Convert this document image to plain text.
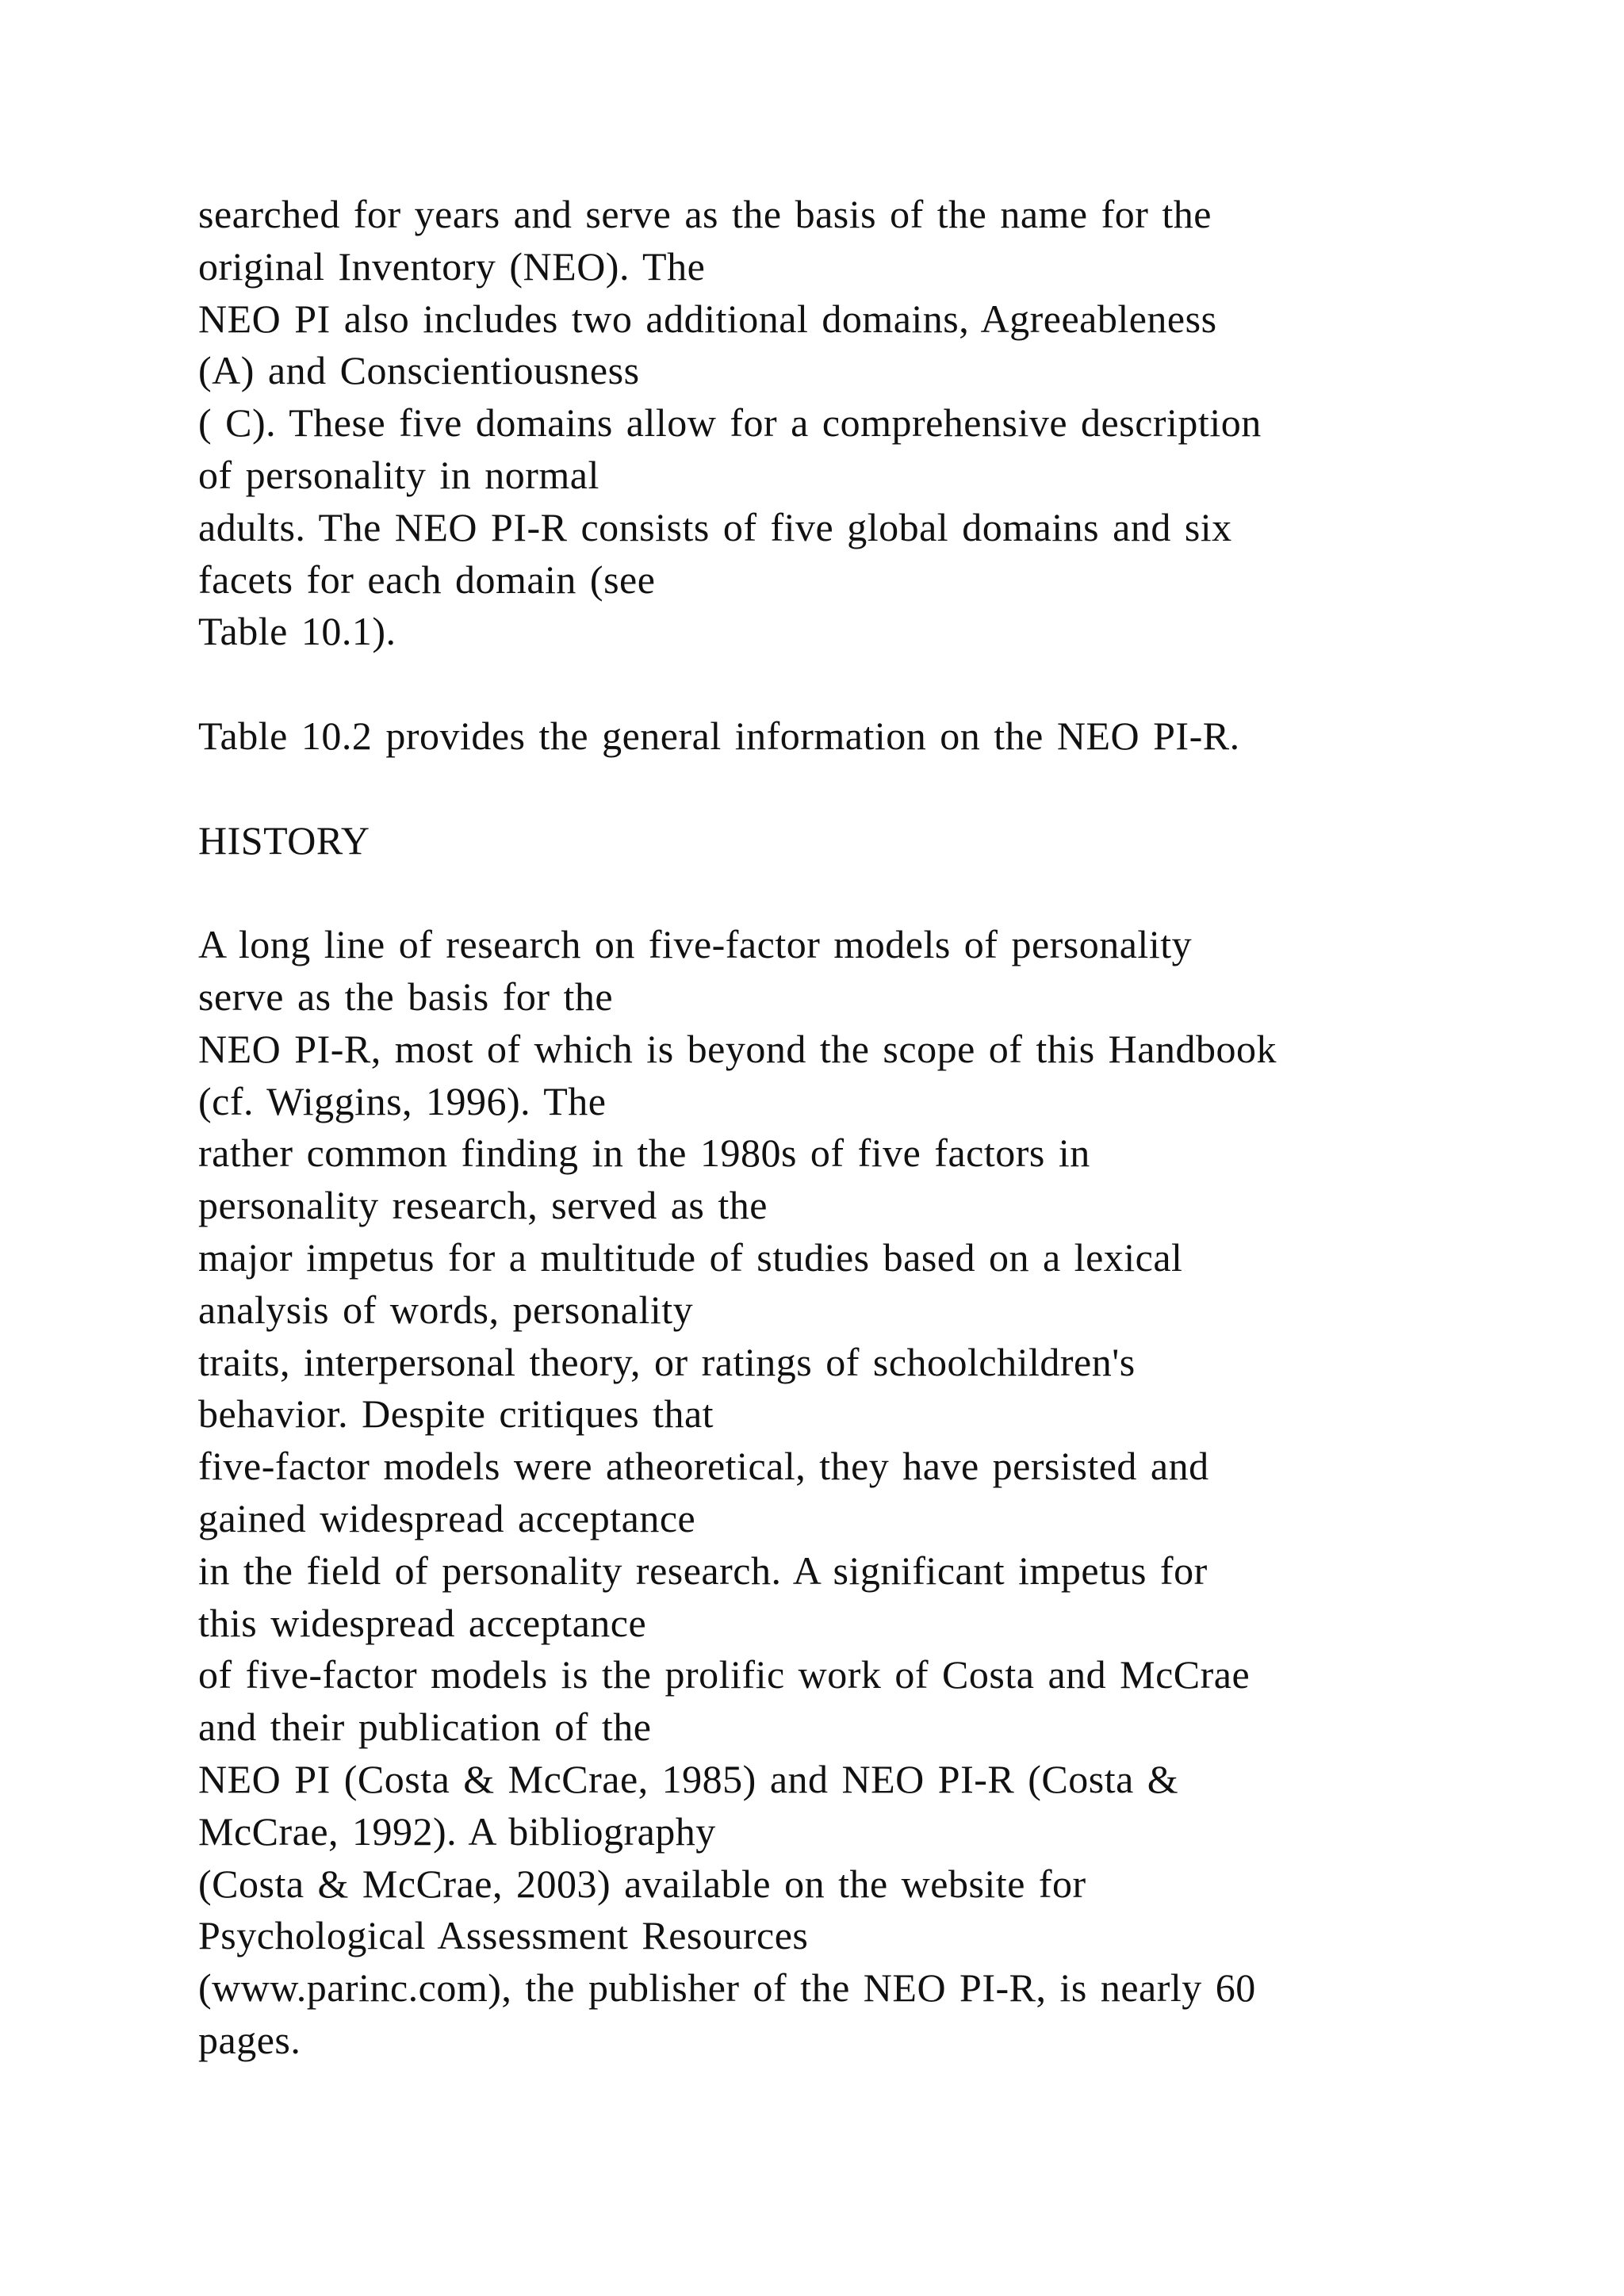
searched for years and serve as the basis of the name for the
original Inventory (NEO). The
NEO PI also includes two additional domains, Agreeableness
(A) and Conscientiousness
( C). These five domains allow for a comprehensive description
of personality in normal
adults. The NEO PI-R consists of five global domains and six
facets for each domain (see
Table 10.1).
Table 10.2 provides the general information on the NEO PI-R.
HISTORY
A long line of research on five-factor models of personality
serve as the basis for the
NEO PI-R, most of which is beyond the scope of this Handbook
(cf. Wiggins, 1996). The
rather common finding in the 1980s of five factors in
personality research, served as the
major impetus for a multitude of studies based on a lexical
analysis of words, personality
traits, interpersonal theory, or ratings of schoolchildren's
behavior. Despite critiques that
five-factor models were atheoretical, they have persisted and
gained widespread acceptance
in the field of personality research. A significant impetus for
this widespread acceptance
of five-factor models is the prolific work of Costa and McCrae
and their publication of the
NEO PI (Costa & McCrae, 1985) and NEO PI-R (Costa &
McCrae, 1992). A bibliography
(Costa & McCrae, 2003) available on the website for
Psychological Assessment Resources
(www.parinc.com), the publisher of the NEO PI-R, is nearly 60
pages.
